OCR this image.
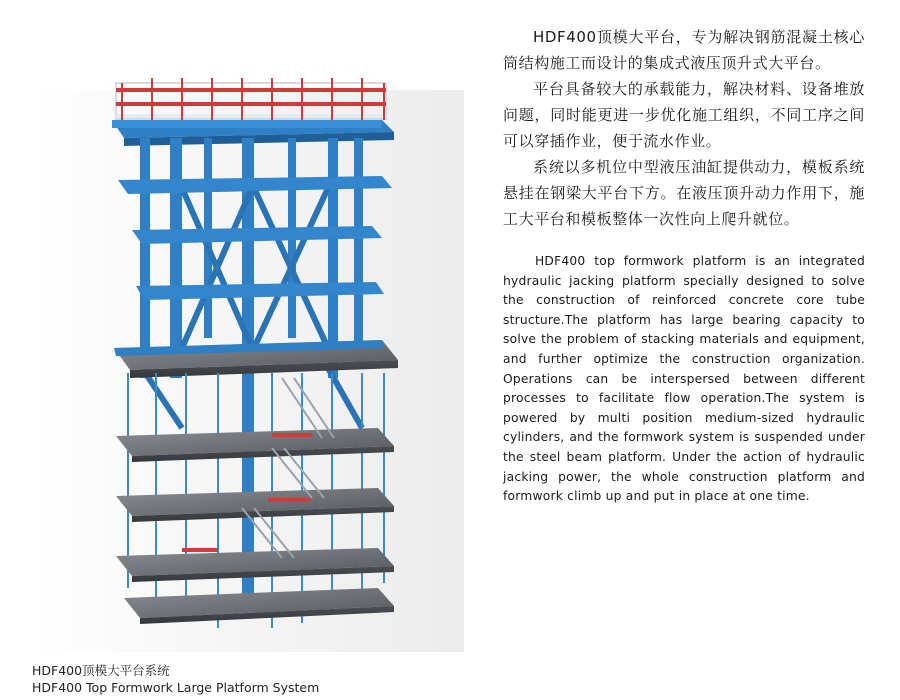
HDF400顶模大平台系统
HDF400 Top Formwork Large Platform System

HDF400顶模大平台，专为解决钢筋混凝土核心筒结构施工而设计的集成式液压顶升式大平台。

平台具备较大的承载能力，解决材料、设备堆放问题，同时能更进一步优化施工组织，不同工序之间可以穿插作业，便于流水作业。

系统以多机位中型液压油缸提供动力，模板系统悬挂在钢梁大平台下方。在液压顶升动力作用下，施工大平台和模板整体一次性向上爬升就位。

HDF400 top formwork platform is an integrated hydraulic jacking platform specially designed to solve the construction of reinforced concrete core tube structure.The platform has large bearing capacity to solve the problem of stacking materials and equipment, and further optimize the construction organization. Operations can be interspersed between different processes to facilitate flow operation.The system is powered by multi position medium-sized hydraulic cylinders, and the formwork system is suspended under the steel beam platform. Under the action of hydraulic jacking power, the whole construction platform and formwork climb up and put in place at one time.
